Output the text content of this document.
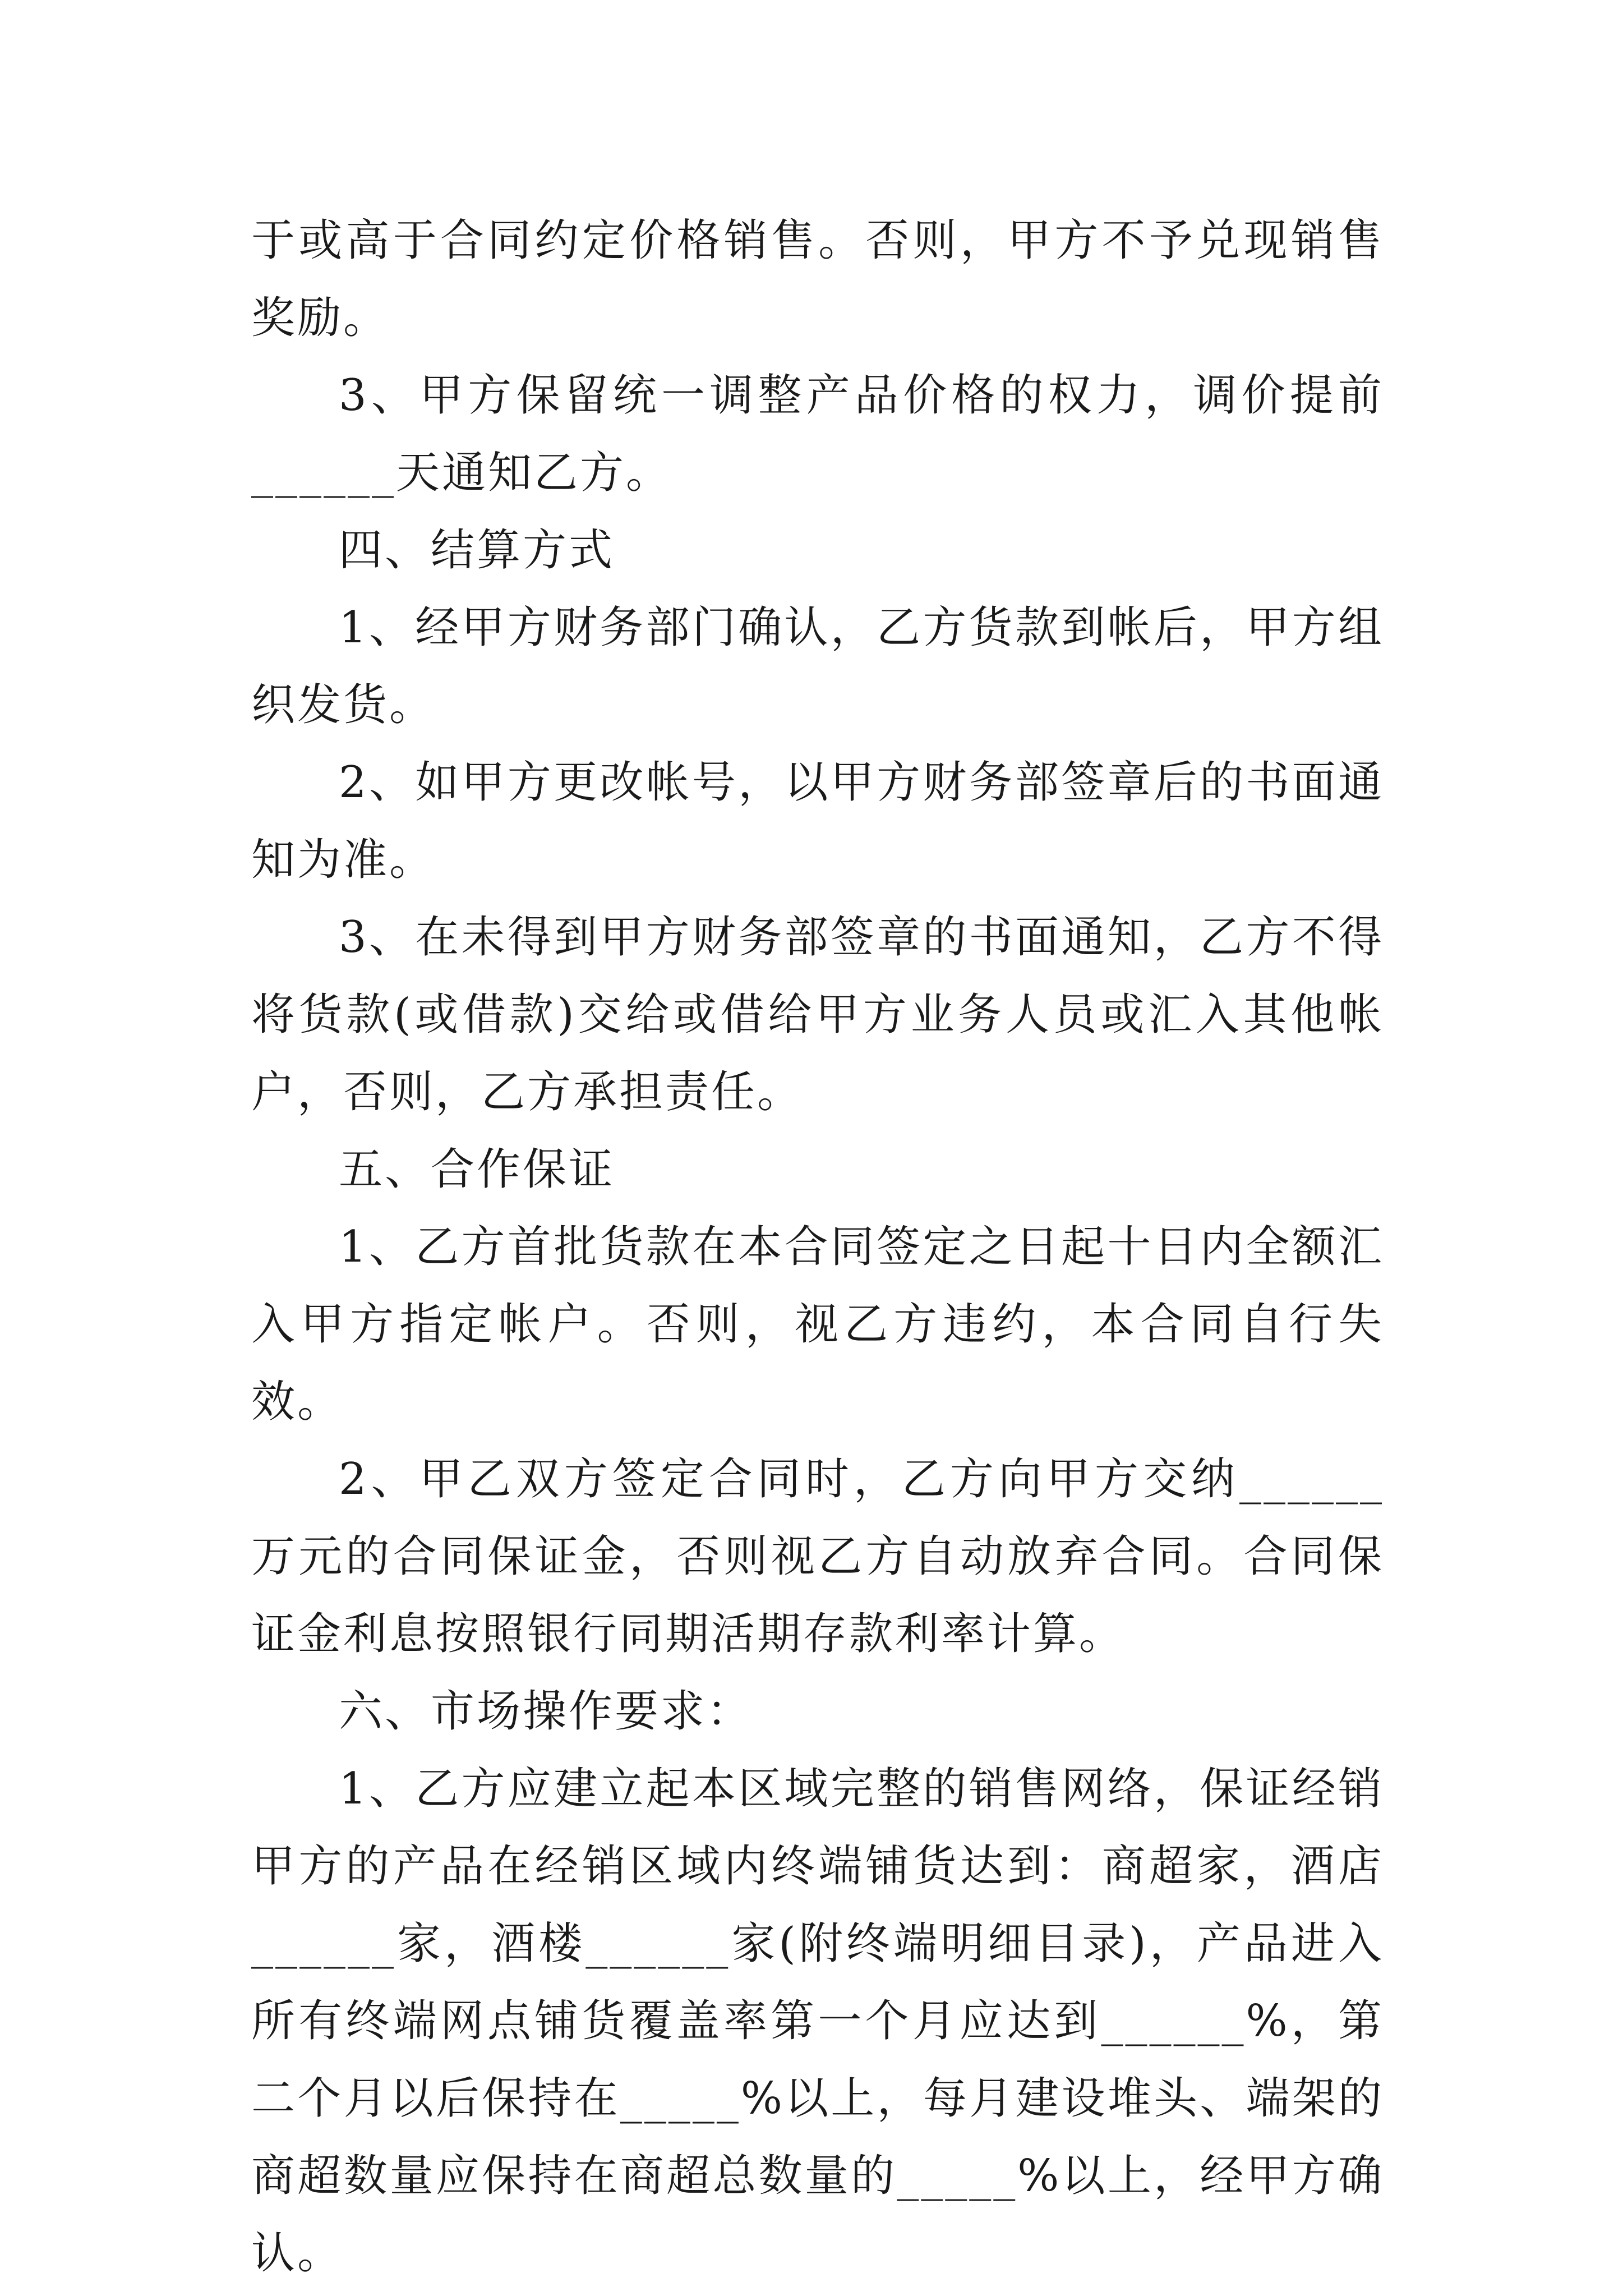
于或高于合同约定价格销售。否则，甲方不予兑现销售奖励。

3、甲方保留统一调整产品价格的权力，调价提前______天通知乙方。

四、结算方式

1、经甲方财务部门确认，乙方货款到帐后，甲方组织发货。

2、如甲方更改帐号，以甲方财务部签章后的书面通知为准。

3、在未得到甲方财务部签章的书面通知，乙方不得将货款(或借款)交给或借给甲方业务人员或汇入其他帐户，否则，乙方承担责任。

五、合作保证

1、乙方首批货款在本合同签定之日起十日内全额汇入甲方指定帐户。否则，视乙方违约，本合同自行失效。

2、甲乙双方签定合同时，乙方向甲方交纳______万元的合同保证金，否则视乙方自动放弃合同。合同保证金利息按照银行同期活期存款利率计算。

六、市场操作要求：

1、乙方应建立起本区域完整的销售网络，保证经销甲方的产品在经销区域内终端铺货达到：商超家，酒店______家，酒楼______家(附终端明细目录)，产品进入所有终端网点铺货覆盖率第一个月应达到______%，第二个月以后保持在_____%以上，每月建设堆头、端架的商超数量应保持在商超总数量的_____%以上，经甲方确认。
